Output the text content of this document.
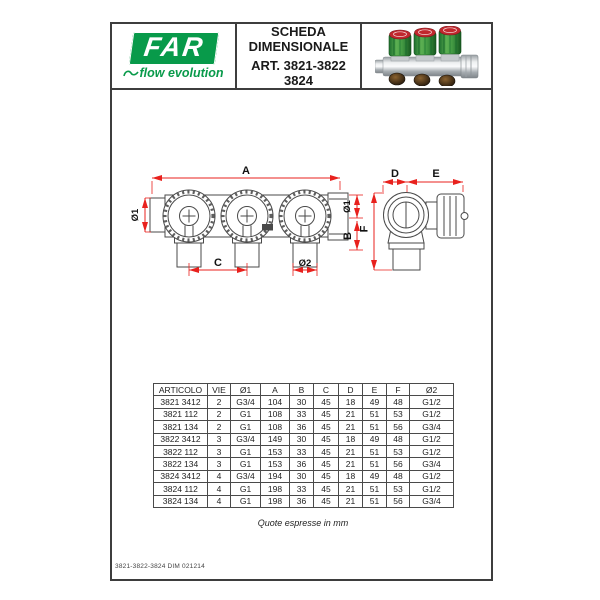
FAR
flow evolution
SCHEDA
DIMENSIONALE
ART. 3821-3822
3824
A
Ø1
C	Ø2
Ø1
B
D	E
F
ARTICOLO	VIE	Ø1	A	B	C	D	E	F	Ø2
3821 3412	2	G3/4	104	30	45	18	49	48	G1/2
3821 112	2	G1	108	33	45	21	51	53	G1/2
3821 134	2	G1	108	36	45	21	51	56	G3/4
3822 3412	3	G3/4	149	30	45	18	49	48	G1/2
3822 112	3	G1	153	33	45	21	51	53	G1/2
3822 134	3	G1	153	36	45	21	51	56	G3/4
3824 3412	4	G3/4	194	30	45	18	49	48	G1/2
3824 112	4	G1	198	33	45	21	51	53	G1/2
3824 134	4	G1	198	36	45	21	51	56	G3/4
Quote espresse in mm
3821-3822-3824 DIM 021214
